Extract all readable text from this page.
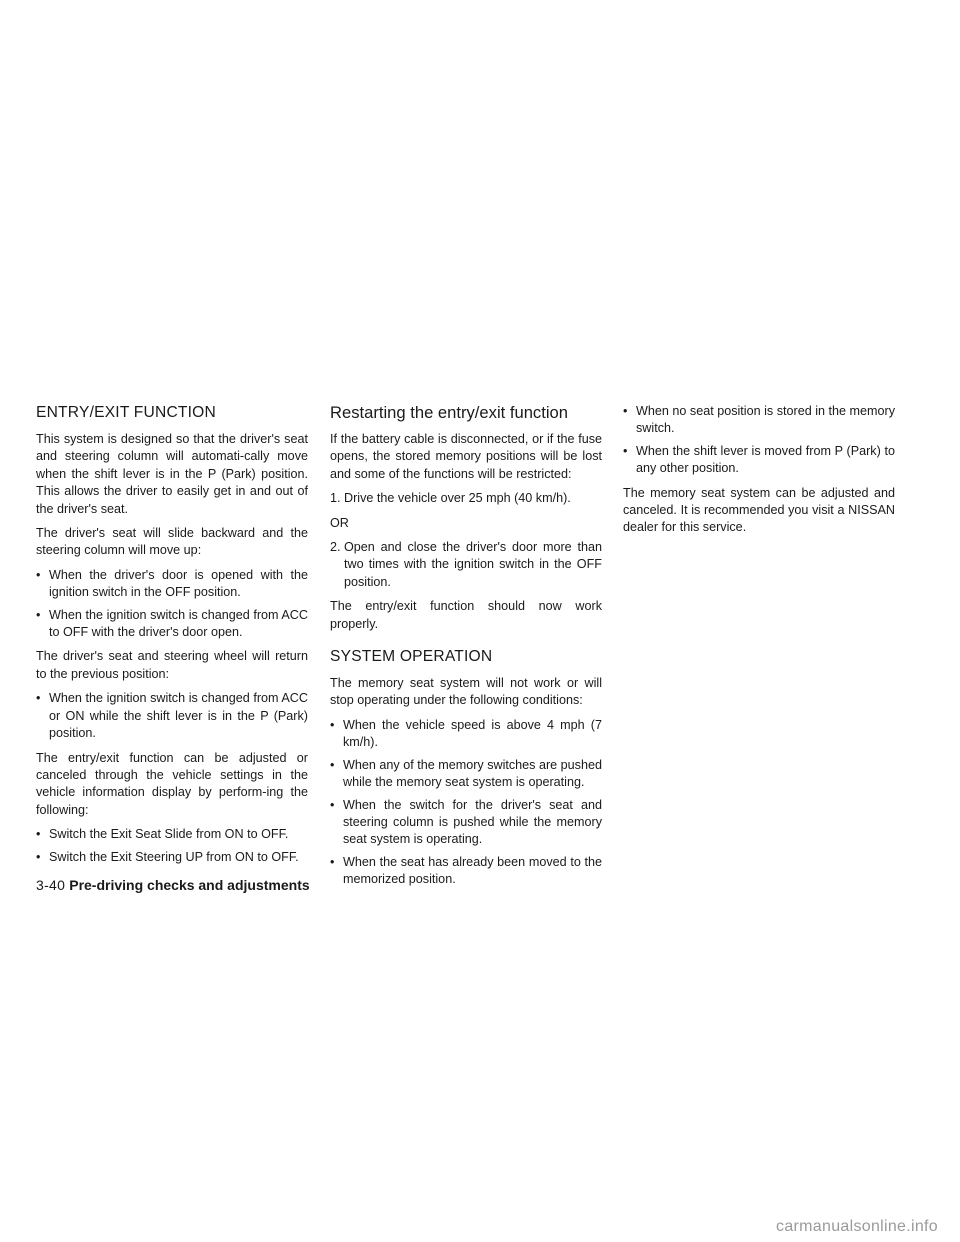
ENTRY/EXIT FUNCTION

This system is designed so that the driver's seat and steering column will automati-cally move when the shift lever is in the P (Park) position. This allows the driver to easily get in and out of the driver's seat.

The driver's seat will slide backward and the steering column will move up:

• When the driver's door is opened with the ignition switch in the OFF position.
• When the ignition switch is changed from ACC to OFF with the driver's door open.

The driver's seat and steering wheel will return to the previous position:

• When the ignition switch is changed from ACC or ON while the shift lever is in the P (Park) position.

The entry/exit function can be adjusted or canceled through the vehicle settings in the vehicle information display by perform-ing the following:

• Switch the Exit Seat Slide from ON to OFF.
• Switch the Exit Steering UP from ON to OFF.
Restarting the entry/exit function

If the battery cable is disconnected, or if the fuse opens, the stored memory positions will be lost and some of the functions will be restricted:

1. Drive the vehicle over 25 mph (40 km/h).
OR
2. Open and close the driver's door more than two times with the ignition switch in the OFF position.

The entry/exit function should now work properly.

SYSTEM OPERATION

The memory seat system will not work or will stop operating under the following conditions:

• When the vehicle speed is above 4 mph (7 km/h).
• When any of the memory switches are pushed while the memory seat system is operating.
• When the switch for the driver's seat and steering column is pushed while the memory seat system is operating.
• When the seat has already been moved to the memorized position.
• When no seat position is stored in the memory switch.
• When the shift lever is moved from P (Park) to any other position.

The memory seat system can be adjusted and canceled. It is recommended you visit a NISSAN dealer for this service.

3-40 Pre-driving checks and adjustments
carmanualsonline.info
